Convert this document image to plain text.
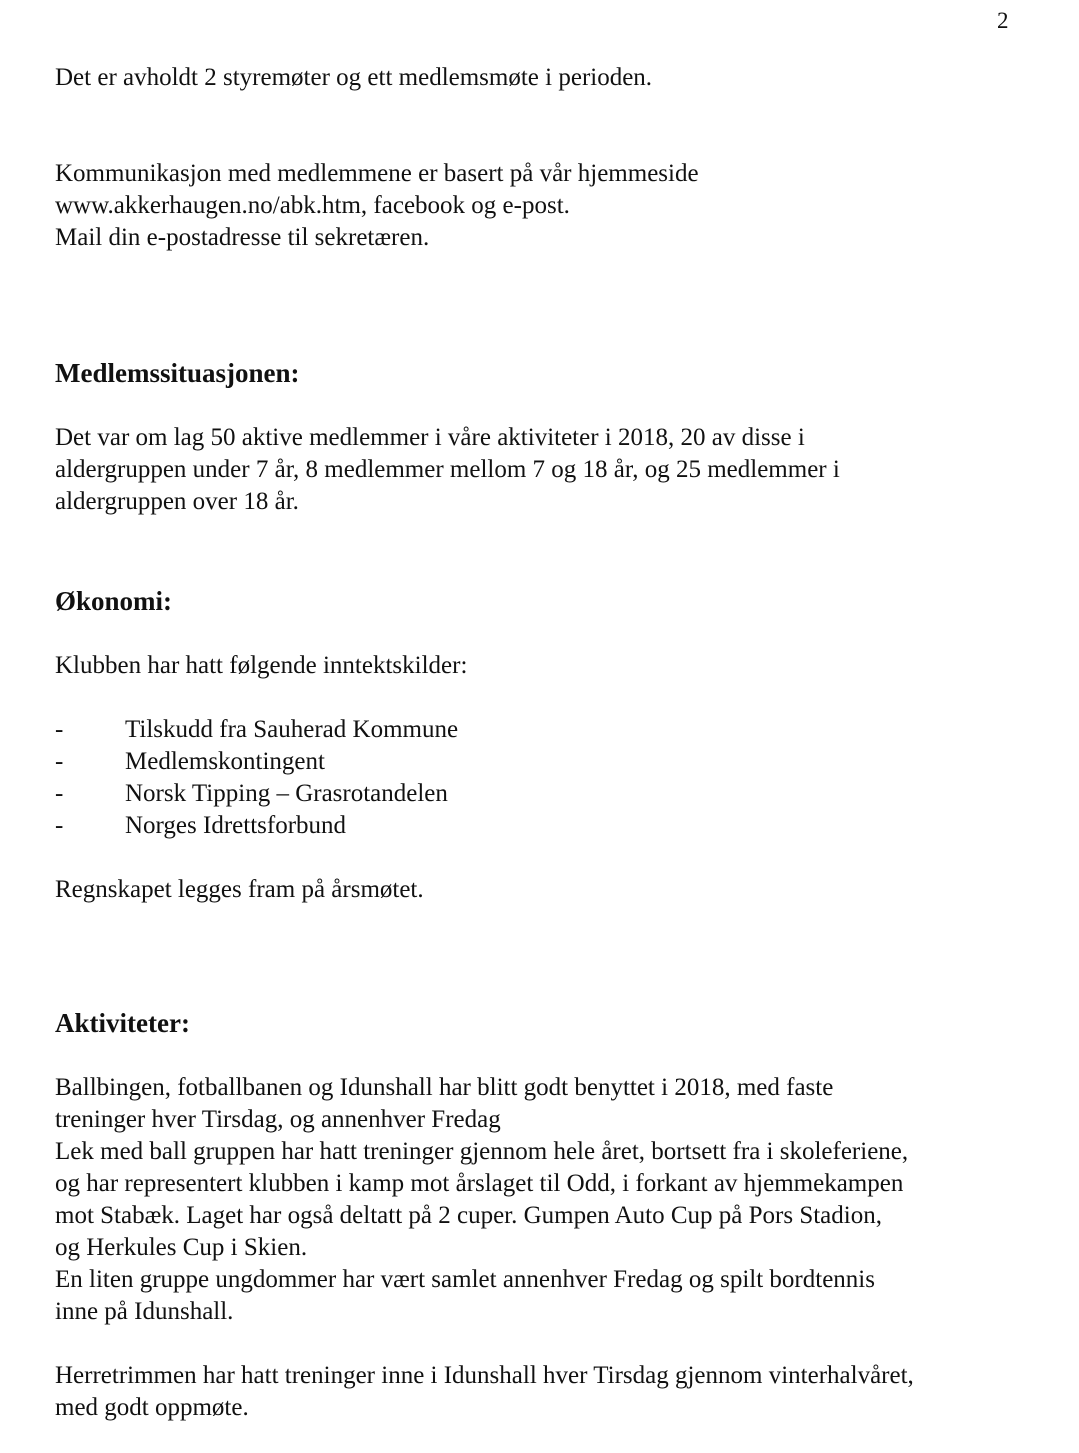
2
Det er avholdt 2 styremøter og ett medlemsmøte i perioden.
Kommunikasjon med medlemmene er basert på vår hjemmeside
www.akkerhaugen.no/abk.htm, facebook og e-post.
Mail din e-postadresse til sekretæren.
Medlemssituasjonen:
Det var om lag 50 aktive medlemmer i våre aktiviteter i 2018, 20 av disse i
aldergruppen under 7 år, 8 medlemmer mellom 7 og 18 år, og 25 medlemmer i
aldergruppen over 18 år.
Økonomi:
Klubben har hatt følgende inntektskilder:
- Tilskudd fra Sauherad Kommune
- Medlemskontingent
- Norsk Tipping – Grasrotandelen
- Norges Idrettsforbund
Regnskapet legges fram på årsmøtet.
Aktiviteter:
Ballbingen, fotballbanen og Idunshall har blitt godt benyttet i 2018, med faste
treninger hver Tirsdag, og annenhver Fredag
Lek med ball gruppen har hatt treninger gjennom hele året, bortsett fra i skoleferiene,
og har representert klubben i kamp mot årslaget til Odd, i forkant av hjemmekampen
mot Stabæk. Laget har også deltatt på 2 cuper. Gumpen Auto Cup på Pors Stadion,
og Herkules Cup i Skien.
En liten gruppe ungdommer har vært samlet annenhver Fredag og spilt bordtennis
inne på Idunshall.
Herretrimmen har hatt treninger inne i Idunshall hver Tirsdag gjennom vinterhalvåret,
med godt oppmøte.
